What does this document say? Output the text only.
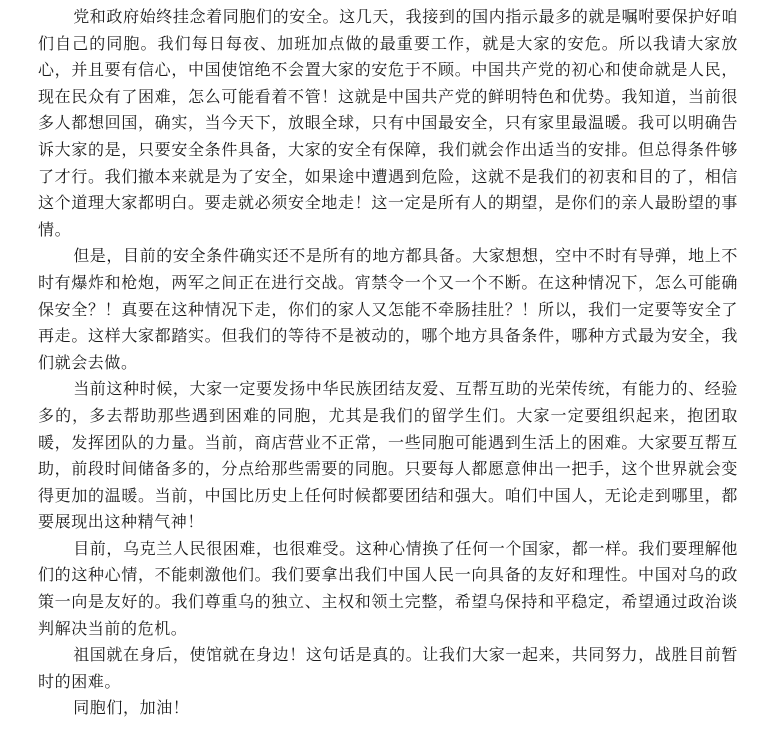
党和政府始终挂念着同胞们的安全。这几天，我接到的国内指示最多的就是嘱咐要保护好咱们自己的同胞。我们每日每夜、加班加点做的最重要工作，就是大家的安危。所以我请大家放心，并且要有信心，中国使馆绝不会置大家的安危于不顾。中国共产党的初心和使命就是人民，现在民众有了困难，怎么可能看着不管！这就是中国共产党的鲜明特色和优势。我知道，当前很多人都想回国，确实，当今天下，放眼全球，只有中国最安全，只有家里最温暖。我可以明确告诉大家的是，只要安全条件具备，大家的安全有保障，我们就会作出适当的安排。但总得条件够了才行。我们撤本来就是为了安全，如果途中遭遇到危险，这就不是我们的初衷和目的了，相信这个道理大家都明白。要走就必须安全地走！这一定是所有人的期望，是你们的亲人最盼望的事情。

但是，目前的安全条件确实还不是所有的地方都具备。大家想想，空中不时有导弹，地上不时有爆炸和枪炮，两军之间正在进行交战。宵禁令一个又一个不断。在这种情况下，怎么可能确保安全？！真要在这种情况下走，你们的家人又怎能不牵肠挂肚？！所以，我们一定要等安全了再走。这样大家都踏实。但我们的等待不是被动的，哪个地方具备条件，哪种方式最为安全，我们就会去做。

当前这种时候，大家一定要发扬中华民族团结友爱、互帮互助的光荣传统，有能力的、经验多的，多去帮助那些遇到困难的同胞，尤其是我们的留学生们。大家一定要组织起来，抱团取暖，发挥团队的力量。当前，商店营业不正常，一些同胞可能遇到生活上的困难。大家要互帮互助，前段时间储备多的，分点给那些需要的同胞。只要每人都愿意伸出一把手，这个世界就会变得更加的温暖。当前，中国比历史上任何时候都要团结和强大。咱们中国人，无论走到哪里，都要展现出这种精气神！

目前，乌克兰人民很困难，也很难受。这种心情换了任何一个国家，都一样。我们要理解他们的这种心情，不能刺激他们。我们要拿出我们中国人民一向具备的友好和理性。中国对乌的政策一向是友好的。我们尊重乌的独立、主权和领土完整，希望乌保持和平稳定，希望通过政治谈判解决当前的危机。

祖国就在身后，使馆就在身边！这句话是真的。让我们大家一起来，共同努力，战胜目前暂时的困难。

同胞们，加油！
